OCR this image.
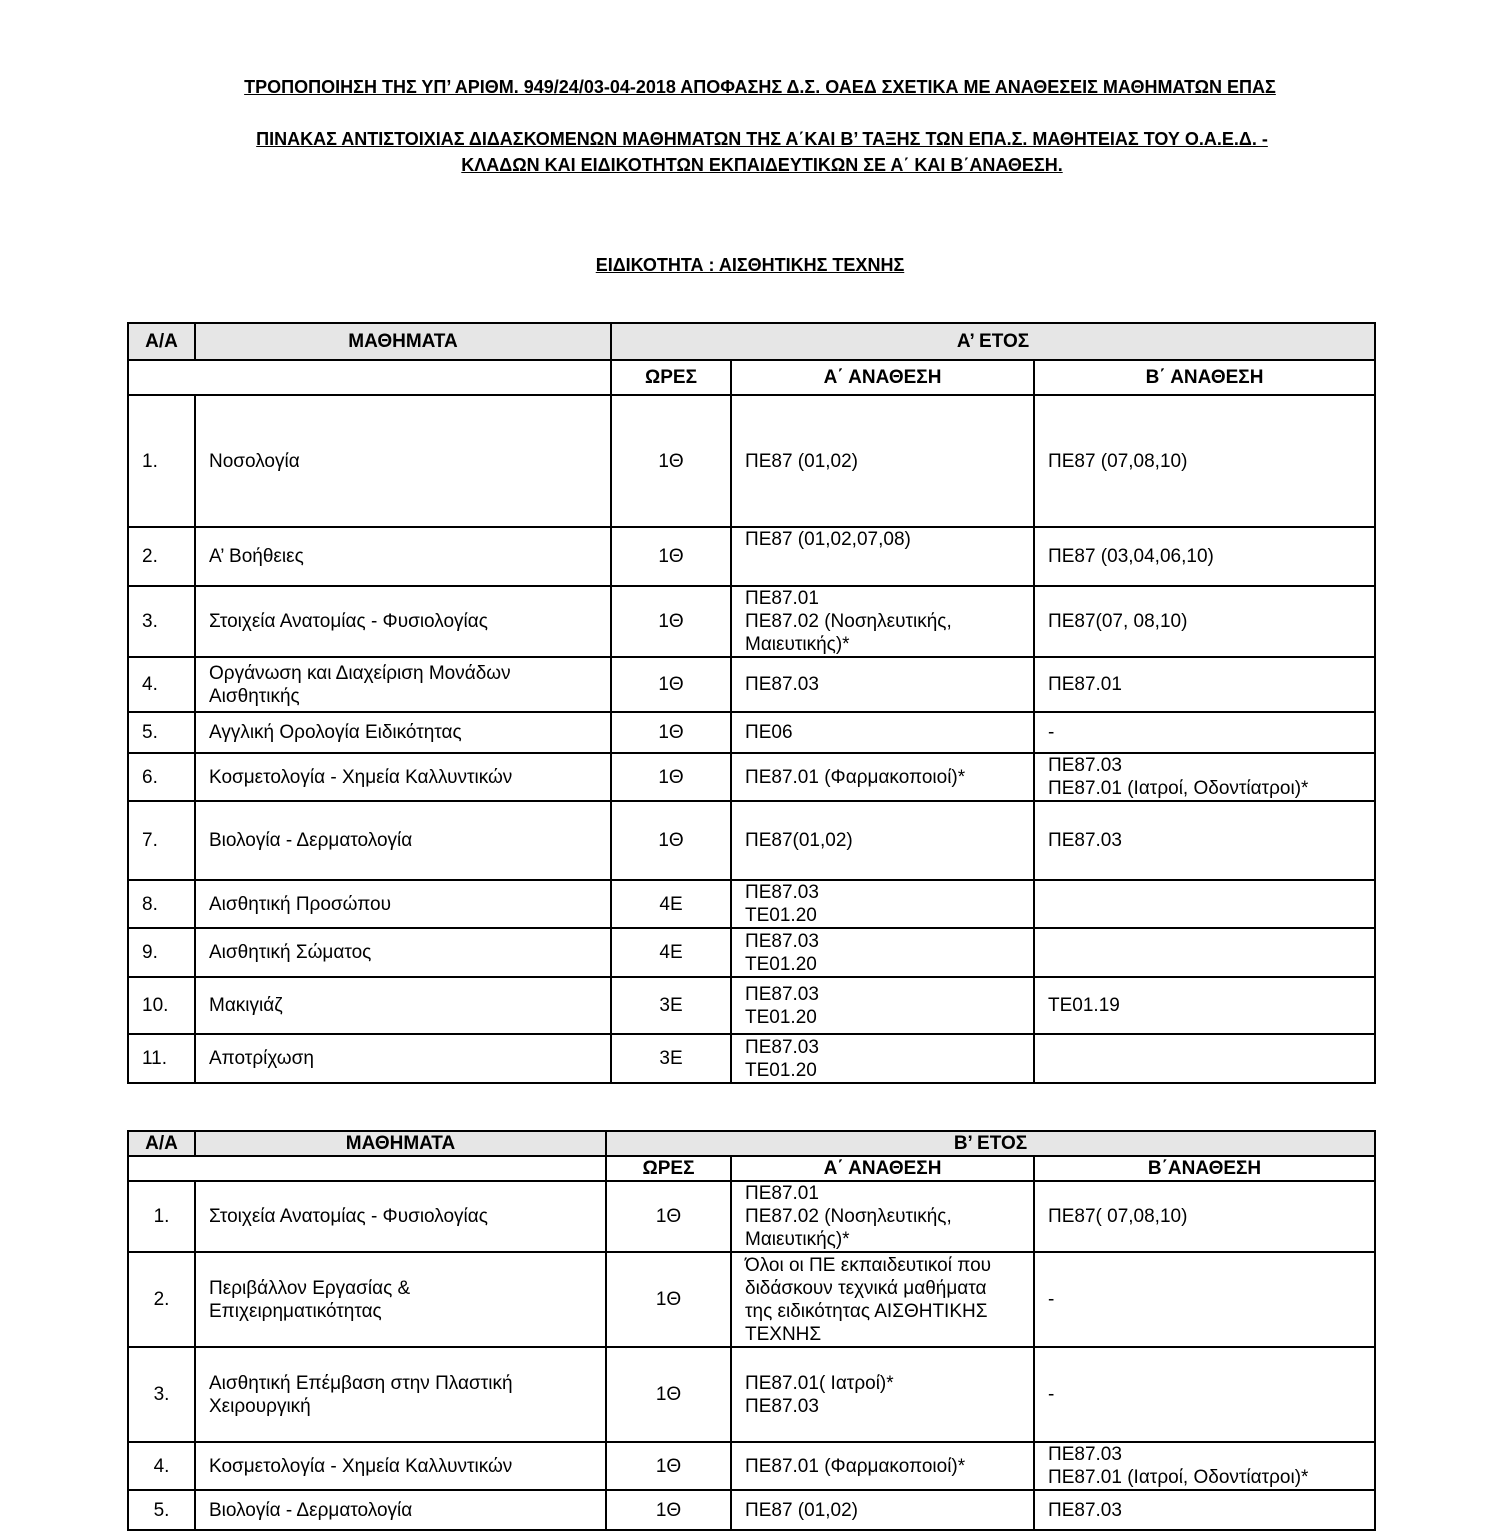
ΤΡΟΠΟΠΟΙΗΣΗ ΤΗΣ ΥΠ’ ΑΡΙΘΜ. 949/24/03-04-2018 ΑΠΟΦΑΣΗΣ Δ.Σ. ΟΑΕΔ ΣΧΕΤΙΚΑ ΜΕ ΑΝΑΘΕΣΕΙΣ ΜΑΘΗΜΑΤΩΝ ΕΠΑΣ
ΠΙΝΑΚΑΣ ΑΝΤΙΣΤΟΙΧΙΑΣ ΔΙΔΑΣΚΟΜΕΝΩΝ ΜΑΘΗΜΑΤΩΝ ΤΗΣ Α΄ΚΑΙ Β’ ΤΑΞΗΣ ΤΩΝ ΕΠΑ.Σ. ΜΑΘΗΤΕΙΑΣ ΤΟΥ Ο.Α.Ε.Δ. -
ΚΛΑΔΩΝ ΚΑΙ ΕΙΔΙΚΟΤΗΤΩΝ ΕΚΠΑΙΔΕΥΤΙΚΩΝ ΣΕ Α΄ ΚΑΙ Β΄ΑΝΑΘΕΣΗ.
ΕΙΔΙΚΟΤΗΤΑ : ΑΙΣΘΗΤΙΚΗΣ ΤΕΧΝΗΣ
Α/Α	ΜΑΘΗΜΑΤΑ	Α’ ΕΤΟΣ		
		ΩΡΕΣ	Α΄ ΑΝΑΘΕΣΗ	Β΄ ΑΝΑΘΕΣΗ
1.	Νοσολογία	1Θ	ΠΕ87 (01,02)	ΠΕ87 (07,08,10)

2.	Α’ Βοήθειες	1Θ	ΠΕ87 (01,02,07,08)	ΠΕ87 (03,04,06,10)

3.	Στοιχεία Ανατομίας - Φυσιολογίας	1Θ	ΠΕ87.01
ΠΕ87.02 (Νοσηλευτικής,
Μαιευτικής)*	ΠΕ87(07, 08,10)

4.	Οργάνωση και Διαχείριση Μονάδων
Αισθητικής	1Θ	ΠΕ87.03	ΠΕ87.01

5.	Αγγλική Ορολογία Ειδικότητας	1Θ	ΠΕ06	-

6.	Κοσμετολογία - Χημεία Καλλυντικών	1Θ	ΠΕ87.01 (Φαρμακοποιοί)*	ΠΕ87.03
ΠΕ87.01 (Ιατροί, Οδοντίατροι)*

7.	Βιολογία - Δερματολογία	1Θ	ΠΕ87(01,02)	ΠΕ87.03

8.	Αισθητική Προσώπου	4Ε	ΠΕ87.03
ΤΕ01.20	

9.	Αισθητική Σώματος	4Ε	ΠΕ87.03
ΤΕ01.20	

10.	Μακιγιάζ	3Ε	ΠΕ87.03
ΤΕ01.20	ΤΕ01.19

11.	Αποτρίχωση	3Ε	ΠΕ87.03
ΤΕ01.20	

Α/Α	ΜΑΘΗΜΑΤΑ	Β’ ΕΤΟΣ		
		ΩΡΕΣ	Α΄ ΑΝΑΘΕΣΗ	Β΄ΑΝΑΘΕΣΗ
1.	Στοιχεία Ανατομίας - Φυσιολογίας	1Θ	ΠΕ87.01
ΠΕ87.02 (Νοσηλευτικής,
Μαιευτικής)*	ΠΕ87( 07,08,10)

2.	Περιβάλλον Εργασίας &
Επιχειρηματικότητας	1Θ	Όλοι οι ΠΕ εκπαιδευτικοί που
διδάσκουν τεχνικά μαθήματα
της ειδικότητας ΑΙΣΘΗΤΙΚΗΣ
ΤΕΧΝΗΣ	-

3.	Αισθητική Επέμβαση στην Πλαστική
Χειρουργική	1Θ	ΠΕ87.01( Ιατροί)*
ΠΕ87.03	-

4.	Κοσμετολογία - Χημεία Καλλυντικών	1Θ	ΠΕ87.01 (Φαρμακοποιοί)*	ΠΕ87.03
ΠΕ87.01 (Ιατροί, Οδοντίατροι)*

5.	Βιολογία - Δερματολογία	1Θ	ΠΕ87 (01,02)	ΠΕ87.03
